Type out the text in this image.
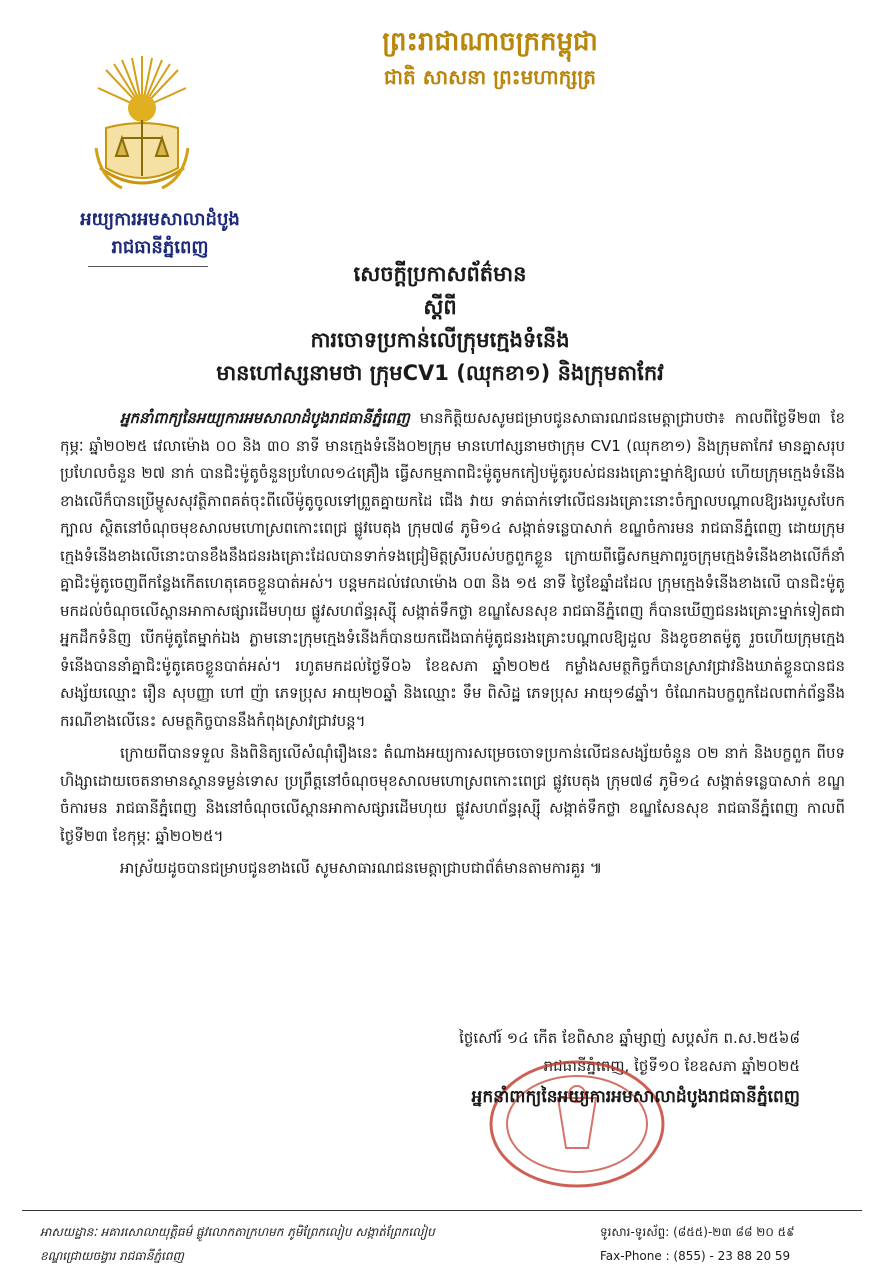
អយ្យការអមសាលាដំបូង
រាជធានីភ្នំពេញ
ព្រះរាជាណាចក្រកម្ពុជា
ជាតិ សាសនា ព្រះមហាក្សត្រ
សេចក្តីប្រកាសព័ត៌មាន
ស្តីពី
ការចោទប្រកាន់លើក្រុមក្មេងទំនើង
មានហៅស្សនាមថា ក្រុមCV1 (ឈុកខា១) និងក្រុមតាកែវ

អ្នកនាំពាក្យនៃអយ្យការអមសាលាដំបូងរាជធានីភ្នំពេញ មានកិត្តិយសសូមជម្រាបជូនសាធារណជនមេត្តាជ្រាបថា៖ កាលពីថ្ងៃទី២៣ ខែកុម្ភៈ ឆ្នាំ២០២៥ វេលាម៉ោង ០០ និង ៣០ នាទី មានក្មេងទំនើង០២ក្រុម មានហៅស្សនាមថាក្រុម CV1 (ឈុកខា១) និងក្រុមតាកែវ មានគ្នាសរុបប្រហែលចំនួន ២៧ នាក់ បានជិះម៉ូតូចំនួនប្រហែល១៤គ្រឿង ធ្វើសកម្មភាពជិះម៉ូតូមកកៀបម៉ូតូរបស់ជនរងគ្រោះម្នាក់ឱ្យឈប់ ហើយក្រុមក្មេងទំនើងខាងលើក៏បានប្រើម្ខូសសុវត្ថិភាពគត់ចុះពីលើម៉ូតូចូលទៅព្រួតគ្នាយកដៃ ជើង វាយ ទាត់ធាក់ទៅលើជនរងគ្រោះនោះចំក្បាលបណ្តាលឱ្យរងរបួសបែកក្បាល ស្ថិតនៅចំណុចមុខសាលមហោស្រពកោះពេជ្រ ផ្លូវបេតុង ក្រុម៧៨ ភូមិ១៤ សង្កាត់ទន្លេបាសាក់ ខណ្ឌចំការមន រាជធានីភ្នំពេញ ដោយក្រុមក្មេងទំនើងខាងលើនោះបានខឹងនឹងជនរងគ្រោះដែលបានទាក់ទងជ្រៀមិត្តស្រីរបស់បក្ខពួកខ្លួន ក្រោយពីធ្វើសកម្មភាពរួចក្រុមក្មេងទំនើងខាងលើក៏នាំគ្នាជិះម៉ូតូចេញពីកន្លែងកើតហេតុគេចខ្លួនបាត់អស់។ បន្តមកដល់វេលាម៉ោង ០៣ និង ១៥ នាទី ថ្ងៃខែឆ្នាំដដែល ក្រុមក្មេងទំនើងខាងលើ បានជិះម៉ូតូមកដល់ចំណុចលើស្ពានអាកាសផ្សារដើមហុយ ផ្លូវសហព័ន្ធរុស្ស៊ី សង្កាត់ទឹកថ្លា ខណ្ឌសែនសុខ រាជធានីភ្នំពេញ ក៏បានឃើញជនរងគ្រោះម្នាក់ទៀតជាអ្នកដឹកទំនិញ បើកម៉ូតូតែម្នាក់ឯង ភ្លាមនោះក្រុមក្មេងទំនើងក៏បានយកជើងធាក់ម៉ូតូជនរងគ្រោះបណ្តាលឱ្យដួល និងខូចខាតម៉ូតូ រួចហើយក្រុមក្មេងទំនើងបាននាំគ្នាជិះម៉ូតូគេចខ្លួនបាត់អស់។ រហូតមកដល់ថ្ងៃទី០៦ ខែឧសភា ឆ្នាំ២០២៥ កម្លាំងសមត្ថកិច្ចក៏បានស្រាវជ្រាវនិងឃាត់ខ្លួនបានជនសង្ស័យឈ្មោះ រឿន សុបញ្ញា ហៅ ញ៉ា ភេទប្រុស អាយុ២០ឆ្នាំ និងឈ្មោះ ទឹម ពិសិដ្ឋ ភេទប្រុស អាយុ១៨ឆ្នាំ។ ចំណែកឯបក្ខពួកដែលពាក់ព័ន្ធនឹងករណីខាងលើនេះ សមត្ថកិច្ចបាននឹងកំពុងស្រាវជ្រាវបន្ត។

ក្រោយពីបានទទួល និងពិនិត្យលើសំណុំរឿងនេះ តំណាងអយ្យការសម្រេចចោទប្រកាន់លើជនសង្ស័យចំនួន ០២ នាក់ និងបក្ខពួក ពីបទ ហិង្សាដោយចេតនាមានស្ថានទម្ងន់ទោស ប្រព្រឹត្តនៅចំណុចមុខសាលមហោស្រពកោះពេជ្រ ផ្លូវបេតុង ក្រុម៧៨ ភូមិ១៤ សង្កាត់ទន្លេបាសាក់ ខណ្ឌចំការមន រាជធានីភ្នំពេញ និងនៅចំណុចលើស្ពានអាកាសផ្សារដើមហុយ ផ្លូវសហព័ន្ធរុស្ស៊ី សង្កាត់ទឹកថ្លា ខណ្ឌសែនសុខ រាជធានីភ្នំពេញ កាលពីថ្ងៃទី២៣ ខែកុម្ភៈ ឆ្នាំ២០២៥។

អាស្រ័យដូចបានជម្រាបជូនខាងលើ សូមសាធារណជនមេត្តាជ្រាបជាព័ត៌មានតាមការគួរ ៕

ថ្ងៃសៅរ៍ ១៤ កើត ខែពិសាខ ឆ្នាំម្សាញ់ សប្តស័ក ព.ស.២៥៦៨
រាជធានីភ្នំពេញ, ថ្ងៃទី១០ ខែឧសភា ឆ្នាំ២០២៥
អ្នកនាំពាក្យនៃអយ្យការអមសាលាដំបូងរាជធានីភ្នំពេញ
អាសយដ្ឋានៈ អគារសោលាយុត្តិធម៌ ផ្លូវលោកតាក្រហមក ភូមិព្រែកលៀប សង្កាត់ព្រែកលៀប
ខណ្ឌជ្រោយចង្វារ រាជធានីភ្នំពេញ
ទូរសារ-ទូរស័ព្ទ: (៨៥៥)-២៣ ៨៨ ២០ ៥៩
Fax-Phone : (855) - 23 88 20 59
